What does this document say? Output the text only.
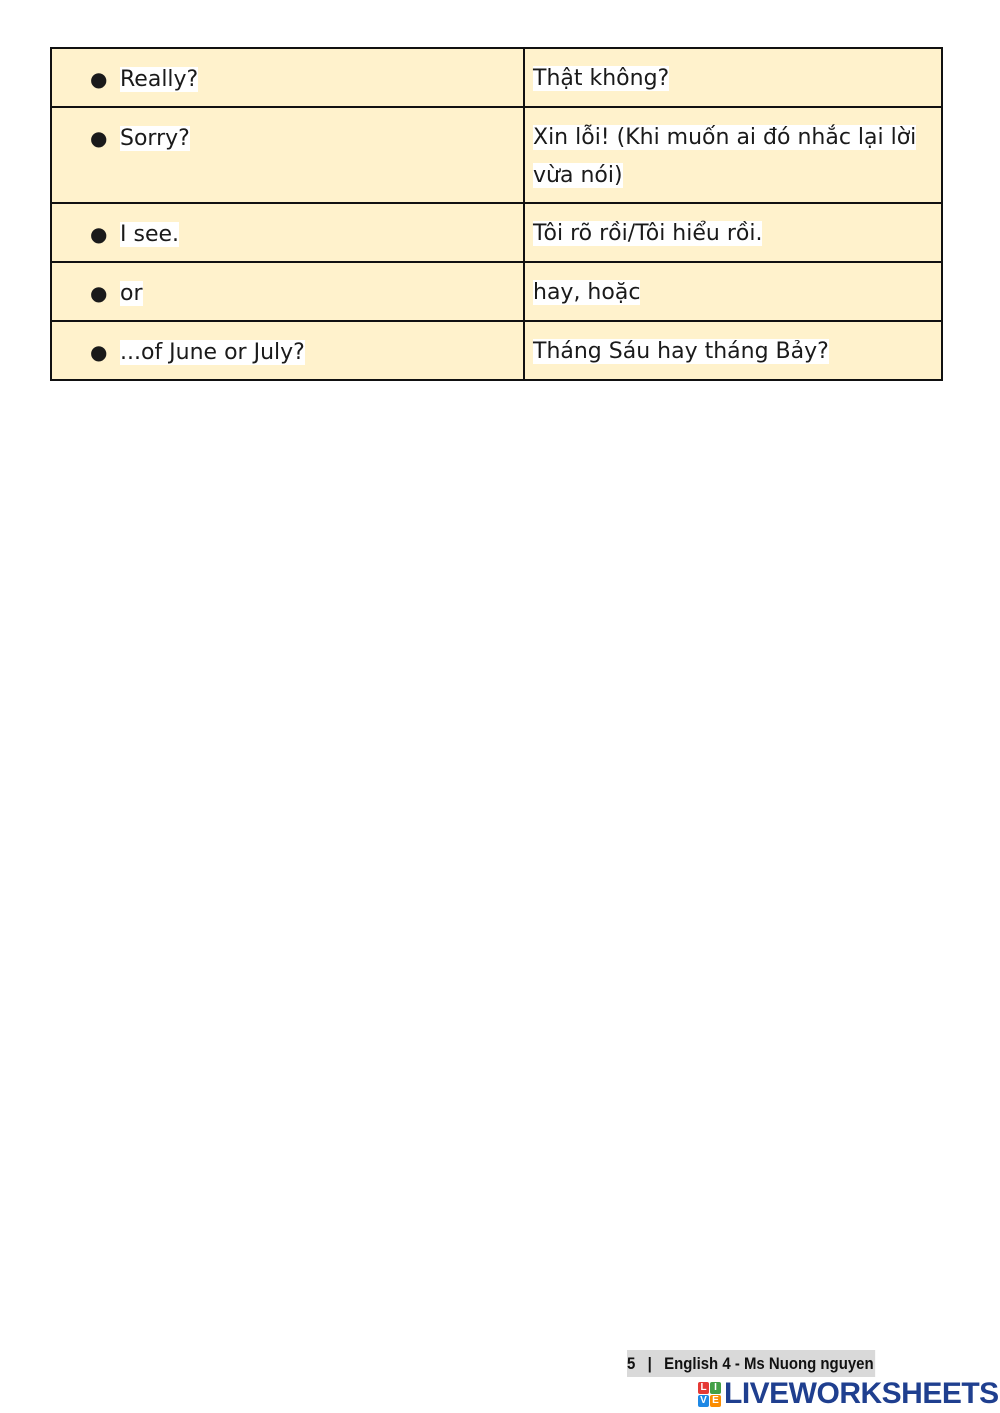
● Really?	Thật không?
● Sorry?	Xin lỗi! (Khi muốn ai đó nhắc lại lời vừa nói)
● I see.	Tôi rõ rồi/Tôi hiểu rồi.
● or	hay, hoặc
● ...of June or July?	Tháng Sáu hay tháng Bảy?
5 | English 4 - Ms Nuong nguyen
L I
V E LIVEWORKSHEETS
